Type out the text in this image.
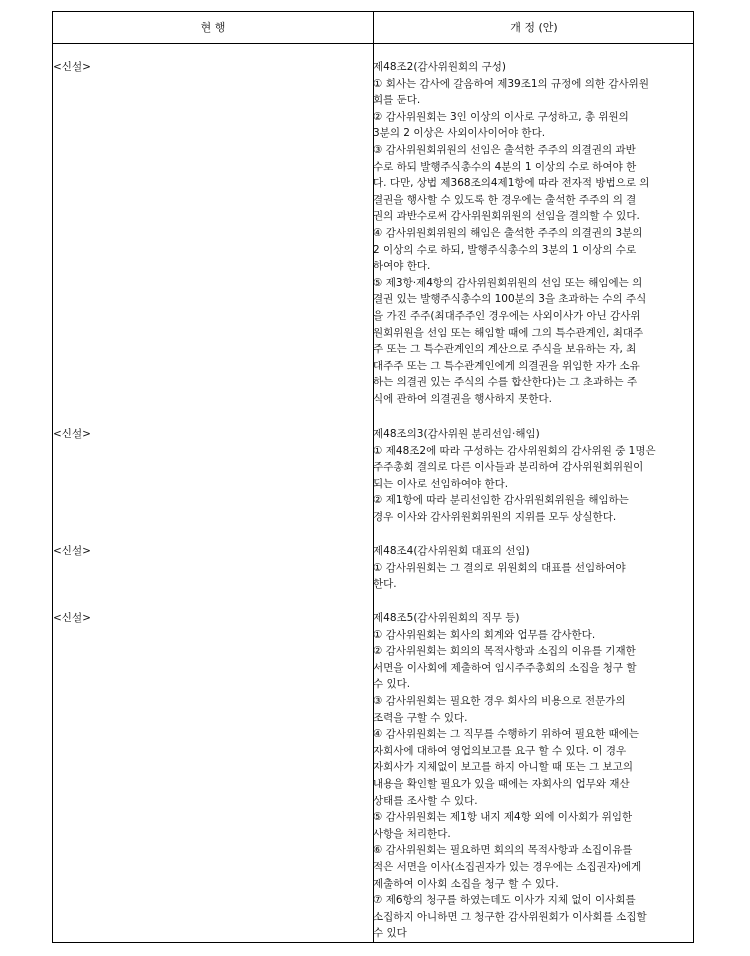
현 행	개 정 (안)
<신설>	제48조2(감사위원회의 구성)
① 회사는 감사에 갈음하여 제39조1의 규정에 의한 감사위원
회를 둔다.
② 감사위원회는 3인 이상의 이사로 구성하고, 총 위원의
3분의 2 이상은 사외이사이어야 한다.
③ 감사위원회위원의 선임은 출석한 주주의 의결권의 과반
수로 하되 발행주식총수의 4분의 1 이상의 수로 하여야 한
다. 다만, 상법 제368조의4제1항에 따라 전자적 방법으로 의
결권을 행사할 수 있도록 한 경우에는 출석한 주주의 의 결
권의 과반수로써 감사위원회위원의 선임을 결의할 수 있다.
④ 감사위원회위원의 해임은 출석한 주주의 의결권의 3분의
2 이상의 수로 하되, 발행주식총수의 3분의 1 이상의 수로
하여야 한다.
⑤ 제3항·제4항의 감사위원회위원의 선임 또는 해임에는 의
결권 있는 발행주식총수의 100분의 3을 초과하는 수의 주식
을 가진 주주(최대주주인 경우에는 사외이사가 아닌 감사위
원회위원을 선임 또는 해임할 때에 그의 특수관계인, 최대주
주 또는 그 특수관계인의 계산으로 주식을 보유하는 자, 최
대주주 또는 그 특수관계인에게 의결권을 위임한 자가 소유
하는 의결권 있는 주식의 수를 합산한다)는 그 초과하는 주
식에 관하여 의결권을 행사하지 못한다.
<신설>	제48조의3(감사위원 분리선임·해임)
① 제48조2에 따라 구성하는 감사위원회의 감사위원 중 1명은
주주총회 결의로 다른 이사들과 분리하여 감사위원회위원이
되는 이사로 선임하여야 한다.
② 제1항에 따라 분리선임한 감사위원회위원을 해임하는
경우 이사와 감사위원회위원의 지위를 모두 상실한다.
<신설>	제48조4(감사위원회 대표의 선임)
① 감사위원회는 그 결의로 위원회의 대표를 선임하여야
한다.
<신설>	제48조5(감사위원회의 직무 등)
① 감사위원회는 회사의 회계와 업무를 감사한다.
② 감사위원회는 회의의 목적사항과 소집의 이유를 기재한
서면을 이사회에 제출하여 임시주주총회의 소집을 청구 할
수 있다.
③ 감사위원회는 필요한 경우 회사의 비용으로 전문가의
조력을 구할 수 있다.
④ 감사위원회는 그 직무를 수행하기 위하여 필요한 때에는
자회사에 대하여 영업의보고를 요구 할 수 있다. 이 경우
자회사가 지체없이 보고를 하지 아니할 때 또는 그 보고의
내용을 확인할 필요가 있을 때에는 자회사의 업무와 재산
상태를 조사할 수 있다.
⑤ 감사위원회는 제1항 내지 제4항 외에 이사회가 위임한
사항을 처리한다.
⑥ 감사위원회는 필요하면 회의의 목적사항과 소집이유를
적은 서면을 이사(소집권자가 있는 경우에는 소집권자)에게
제출하여 이사회 소집을 청구 할 수 있다.
⑦ 제6항의 청구를 하였는데도 이사가 지체 없이 이사회를
소집하지 아니하면 그 청구한 감사위원회가 이사회를 소집할
수 있다
